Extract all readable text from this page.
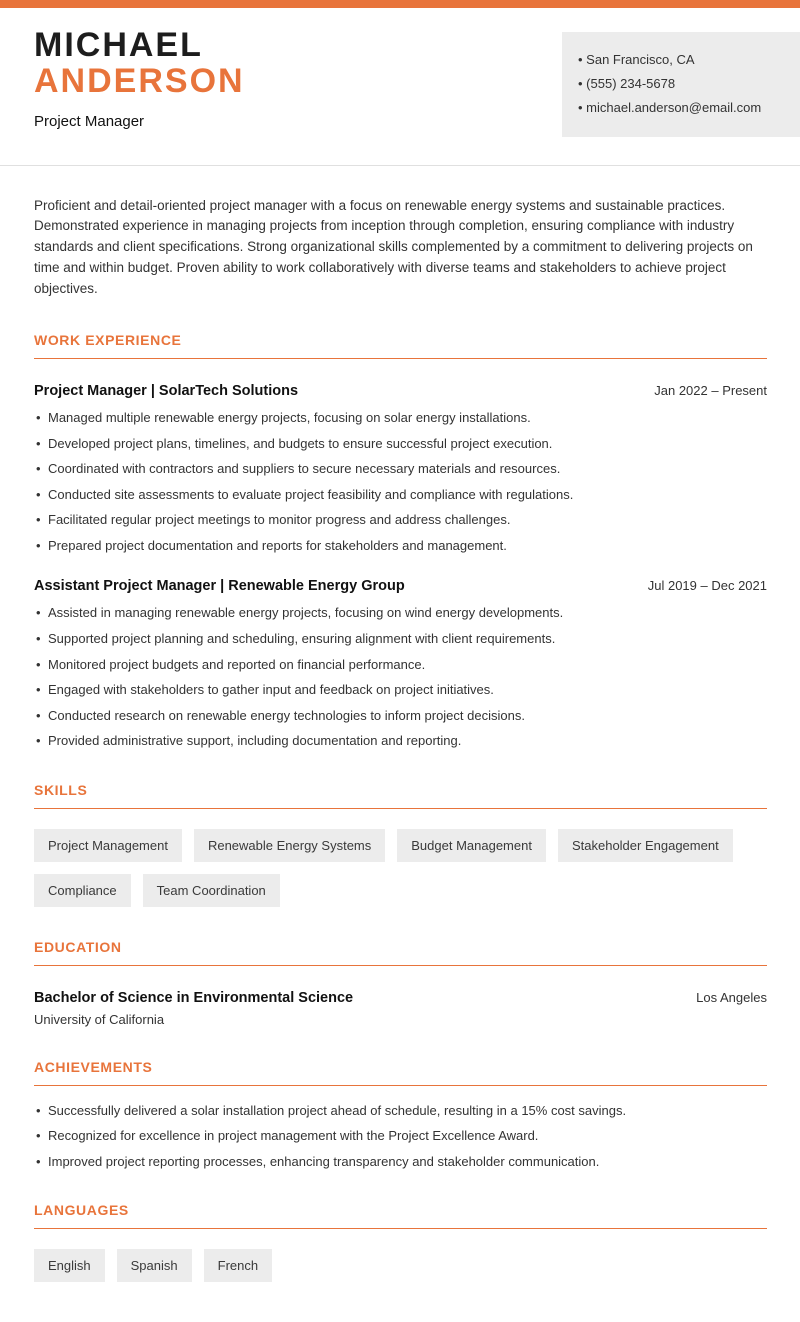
MICHAEL
ANDERSON
Project Manager
• San Francisco, CA
• (555) 234-5678
• michael.anderson@email.com

Proficient and detail-oriented project manager with a focus on renewable energy systems and sustainable practices. Demonstrated experience in managing projects from inception through completion, ensuring compliance with industry standards and client specifications. Strong organizational skills complemented by a commitment to delivering projects on time and within budget. Proven ability to work collaboratively with diverse teams and stakeholders to achieve project objectives.

WORK EXPERIENCE
Project Manager | SolarTech Solutions	Jan 2022 – Present
• Managed multiple renewable energy projects, focusing on solar energy installations.
• Developed project plans, timelines, and budgets to ensure successful project execution.
• Coordinated with contractors and suppliers to secure necessary materials and resources.
• Conducted site assessments to evaluate project feasibility and compliance with regulations.
• Facilitated regular project meetings to monitor progress and address challenges.
• Prepared project documentation and reports for stakeholders and management.
Assistant Project Manager | Renewable Energy Group	Jul 2019 – Dec 2021
• Assisted in managing renewable energy projects, focusing on wind energy developments.
• Supported project planning and scheduling, ensuring alignment with client requirements.
• Monitored project budgets and reported on financial performance.
• Engaged with stakeholders to gather input and feedback on project initiatives.
• Conducted research on renewable energy technologies to inform project decisions.
• Provided administrative support, including documentation and reporting.
SKILLS
Project Management	Renewable Energy Systems	Budget Management	Stakeholder Engagement
Compliance	Team Coordination
EDUCATION
Bachelor of Science in Environmental Science	Los Angeles
University of California
ACHIEVEMENTS
• Successfully delivered a solar installation project ahead of schedule, resulting in a 15% cost savings.
• Recognized for excellence in project management with the Project Excellence Award.
• Improved project reporting processes, enhancing transparency and stakeholder communication.
LANGUAGES
English	Spanish	French
